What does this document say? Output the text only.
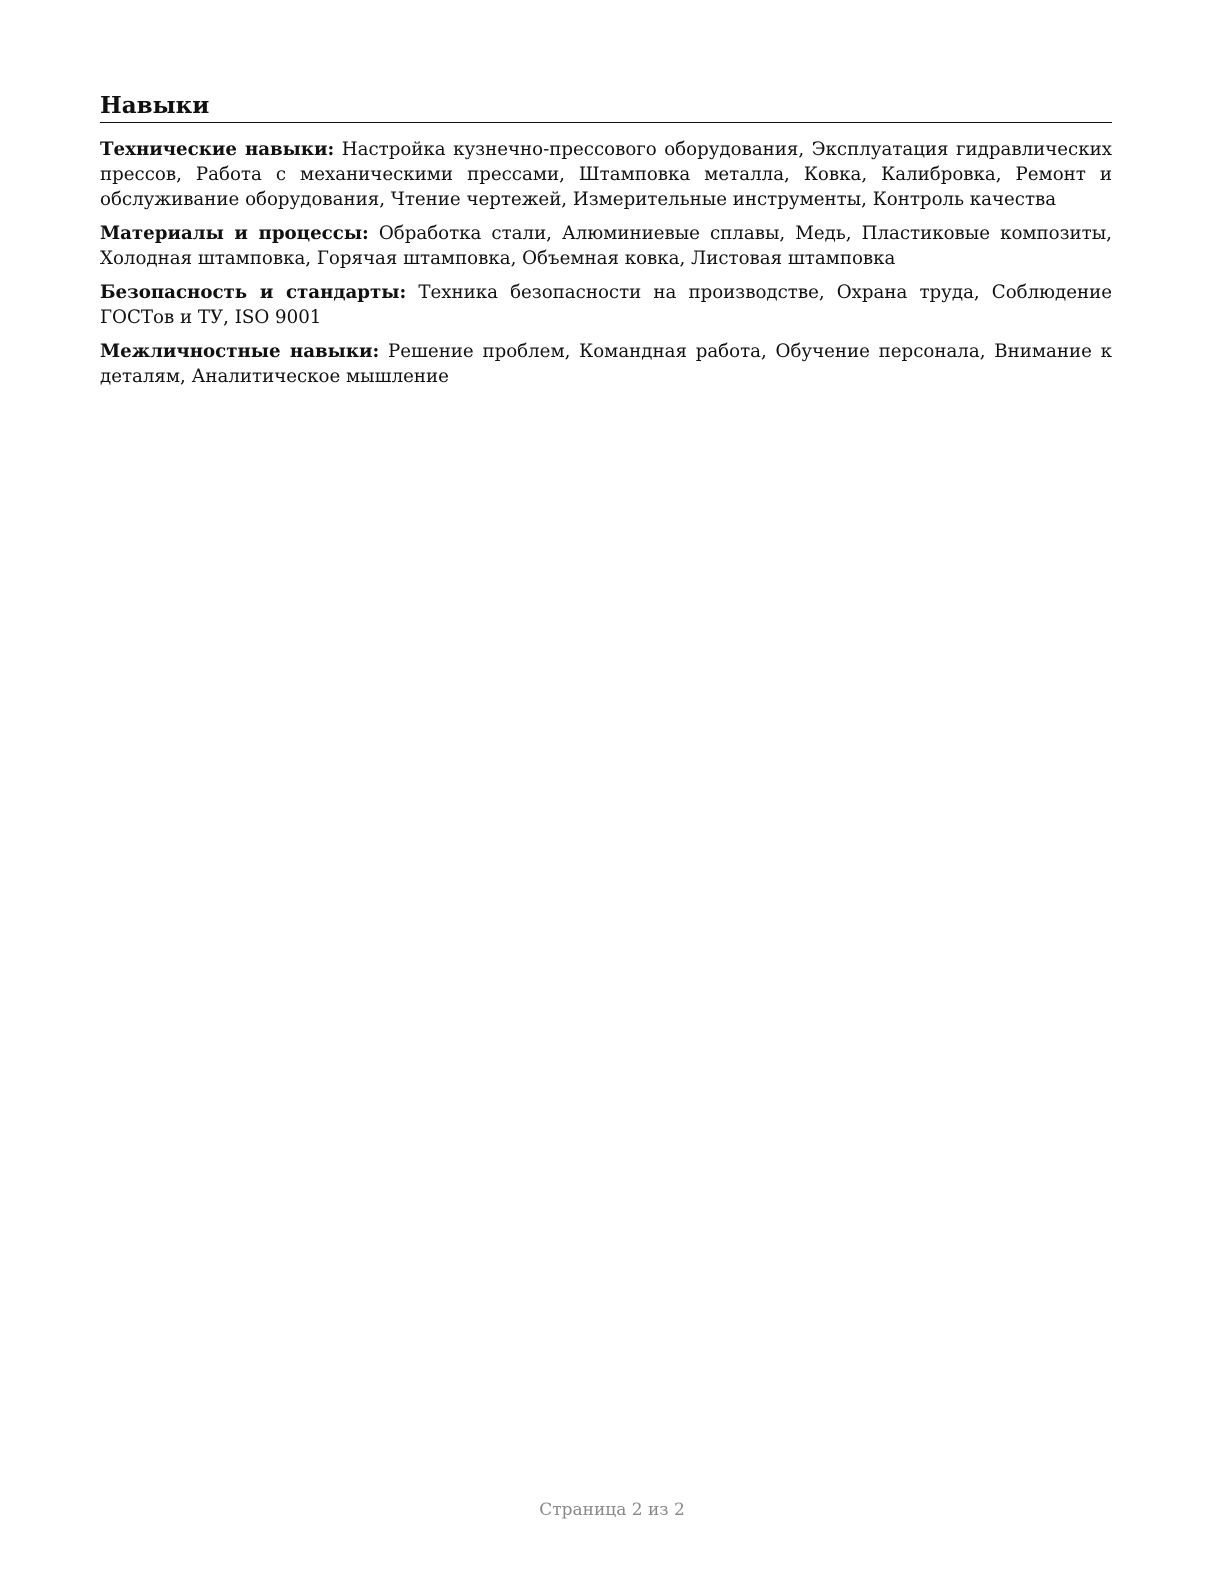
Навыки

Технические навыки: Настройка кузнечно-прессового оборудования, Эксплуатация гидравлических прессов, Работа с механическими прессами, Штамповка металла, Ковка, Калибровка, Ремонт и обслуживание оборудования, Чтение чертежей, Измерительные инструменты, Контроль качества

Материалы и процессы: Обработка стали, Алюминиевые сплавы, Медь, Пластиковые композиты, Холодная штамповка, Горячая штамповка, Объемная ковка, Листовая штамповка

Безопасность и стандарты: Техника безопасности на производстве, Охрана труда, Соблюдение ГОСТов и ТУ, ISO 9001

Межличностные навыки: Решение проблем, Командная работа, Обучение персонала, Внимание к деталям, Аналитическое мышление

Страница 2 из 2
